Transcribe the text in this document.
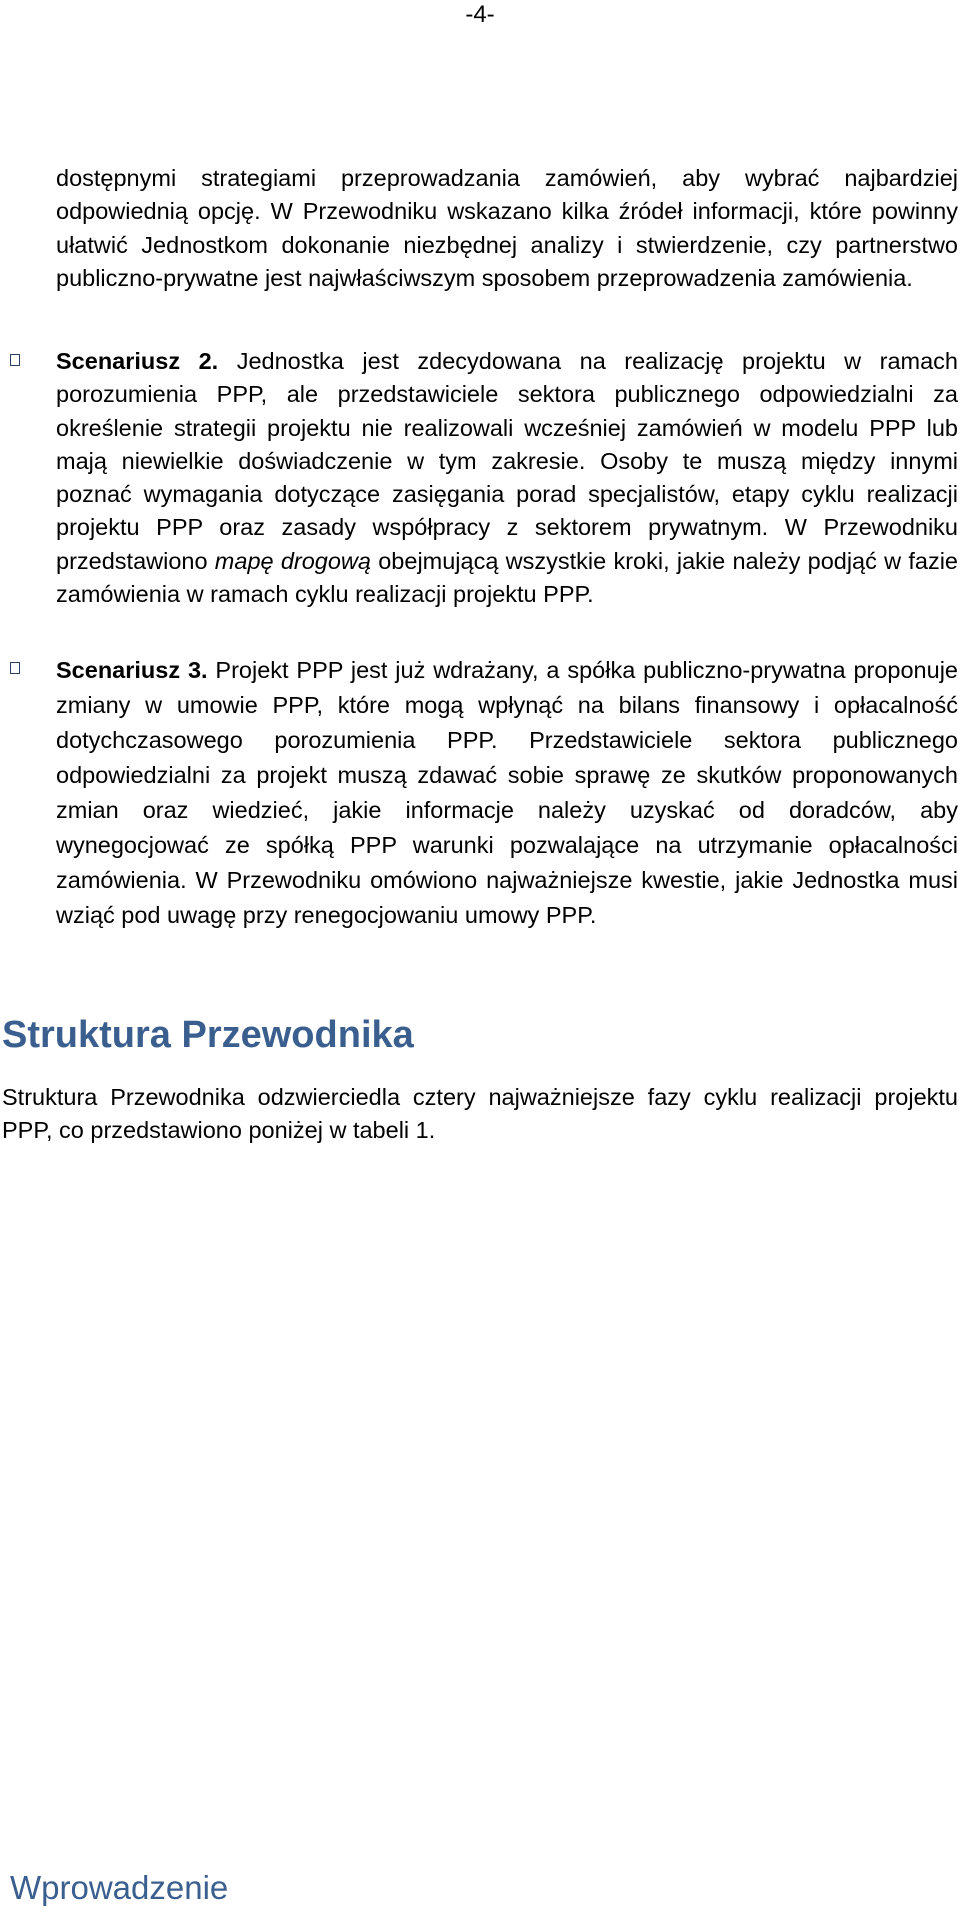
-4-
dostępnymi strategiami przeprowadzania zamówień, aby wybrać najbardziej odpowiednią opcję. W Przewodniku wskazano kilka źródeł informacji, które powinny ułatwić Jednostkom dokonanie niezbędnej analizy i stwierdzenie, czy partnerstwo publiczno-prywatne jest najwłaściwszym sposobem przeprowadzenia zamówienia.
Scenariusz 2. Jednostka jest zdecydowana na realizację projektu w ramach porozumienia PPP, ale przedstawiciele sektora publicznego odpowiedzialni za określenie strategii projektu nie realizowali wcześniej zamówień w modelu PPP lub mają niewielkie doświadczenie w tym zakresie. Osoby te muszą między innymi poznać wymagania dotyczące zasięgania porad specjalistów, etapy cyklu realizacji projektu PPP oraz zasady współpracy z sektorem prywatnym. W Przewodniku przedstawiono mapę drogową obejmującą wszystkie kroki, jakie należy podjąć w fazie zamówienia w ramach cyklu realizacji projektu PPP.
Scenariusz 3. Projekt PPP jest już wdrażany, a spółka publiczno-prywatna proponuje zmiany w umowie PPP, które mogą wpłynąć na bilans finansowy i opłacalność dotychczasowego porozumienia PPP. Przedstawiciele sektora publicznego odpowiedzialni za projekt muszą zdawać sobie sprawę ze skutków proponowanych zmian oraz wiedzieć, jakie informacje należy uzyskać od doradców, aby wynegocjować ze spółką PPP warunki pozwalające na utrzymanie opłacalności zamówienia. W Przewodniku omówiono najważniejsze kwestie, jakie Jednostka musi wziąć pod uwagę przy renegocjowaniu umowy PPP.
Struktura Przewodnika
Struktura Przewodnika odzwierciedla cztery najważniejsze fazy cyklu realizacji projektu PPP, co przedstawiono poniżej w tabeli 1.
Wprowadzenie
